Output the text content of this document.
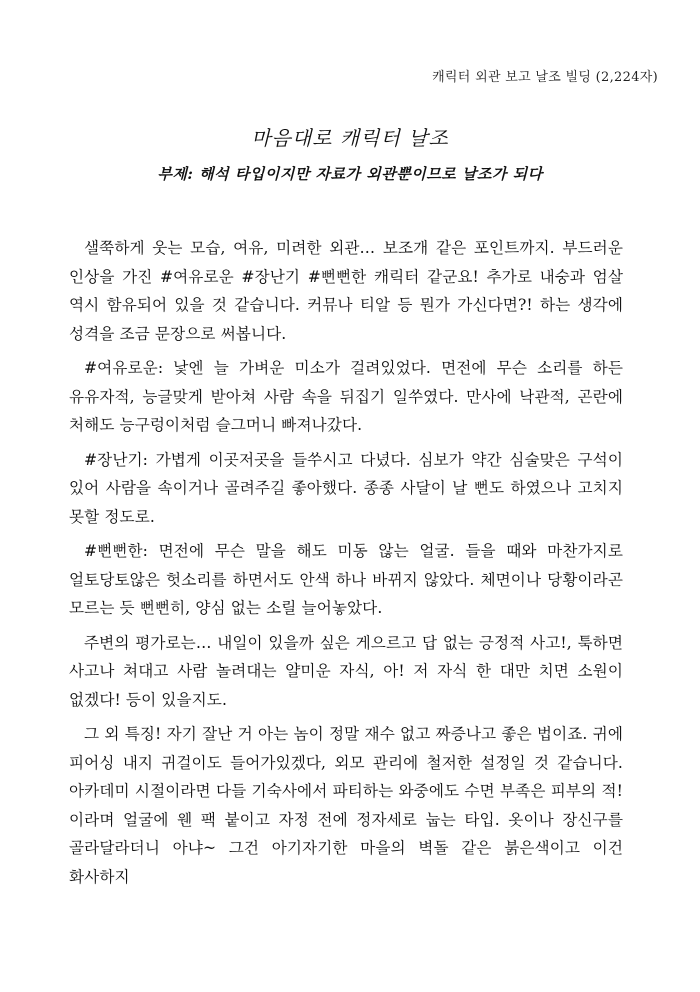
캐릭터 외관 보고 날조 빌딩 (2,224자)
마음대로 캐릭터 날조
부제: 해석 타입이지만 자료가 외관뿐이므로 날조가 되다

샐쭉하게 웃는 모습, 여유, 미려한 외관… 보조개 같은 포인트까지. 부드러운 인상을 가진 #여유로운 #장난기 #뻔뻔한 캐릭터 같군요! 추가로 내숭과 엄살 역시 함유되어 있을 것 같습니다. 커뮤나 티알 등 뭔가 가신다면?! 하는 생각에 성격을 조금 문장으로 써봅니다.

#여유로운: 낯엔 늘 가벼운 미소가 걸려있었다. 면전에 무슨 소리를 하든 유유자적, 능글맞게 받아쳐 사람 속을 뒤집기 일쑤였다. 만사에 낙관적, 곤란에 처해도 능구렁이처럼 슬그머니 빠져나갔다.

#장난기: 가볍게 이곳저곳을 들쑤시고 다녔다. 심보가 약간 심술맞은 구석이 있어 사람을 속이거나 골려주길 좋아했다. 종종 사달이 날 뻔도 하였으나 고치지 못할 정도로.

#뻔뻔한: 면전에 무슨 말을 해도 미동 않는 얼굴. 들을 때와 마찬가지로 얼토당토않은 헛소리를 하면서도 안색 하나 바뀌지 않았다. 체면이나 당황이라곤 모르는 듯 뻔뻔히, 양심 없는 소릴 늘어놓았다.

주변의 평가로는… 내일이 있을까 싶은 게으르고 답 없는 긍정적 사고!, 툭하면 사고나 쳐대고 사람 놀려대는 얄미운 자식, 아! 저 자식 한 대만 치면 소원이 없겠다! 등이 있을지도.

그 외 특징! 자기 잘난 거 아는 놈이 정말 재수 없고 짜증나고 좋은 법이죠. 귀에 피어싱 내지 귀걸이도 들어가있겠다, 외모 관리에 철저한 설정일 것 같습니다. 아카데미 시절이라면 다들 기숙사에서 파티하는 와중에도 수면 부족은 피부의 적! 이라며 얼굴에 웬 팩 붙이고 자정 전에 정자세로 눕는 타입. 옷이나 장신구를 골라달라더니 아냐~ 그건 아기자기한 마을의 벽돌 같은 붉은색이고 이건 화사하지
